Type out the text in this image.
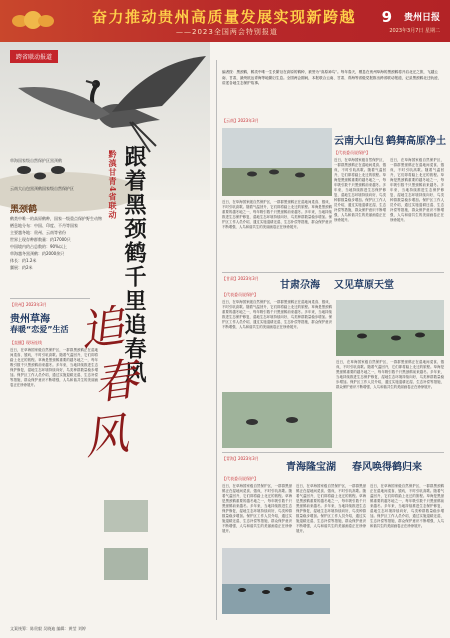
奋力推动贵州高质量发展实现新跨越
——2023全国两会特别报道
9 贵州日报
2023年3月7日 星期二
跨省联动报道
草海国家级自然保护区黑颈鹤
云南大山包黑颈鹤国家级自然保护区
黑颈鹤
鹤类中唯一的高原鹤种，国家一级重点保护野生动物
栖息地分布：中国、印度、不丹等国家
主要越冬地：贵州、云南等省份
世界上现存种群数量：约17000只
中国境内约占总数的：90%以上
草海越冬黑颈鹤：约2000余只
体长：约1.2米
翼展：约2米
黔滇甘青4省联动 跟着黑颈鹤千里追春风
追
春
风
【贵州】2023年3月
贵州草海
春暖“恋爱”生活
【直播】现场连线
近日，在草海国家级自然保护区，一群群黑颈鹤正在湿地间觅食、嬉戏，不时引吭高歌。随着气温回升，它们即将踏上北迁的旅程。草海是黑颈鹤重要的越冬地之一，每年吸引数千只黑颈鹤前来越冬。多年来，当地持续推进生态保护修复，湿地生态环境持续向好，鸟类种群数量稳步增加。保护区工作人员介绍，通过实施退耕还湿、生态补偿等措施，群众保护意识不断增强，人鸟和谐共生的美丽画卷正在徐徐展开。
编者按：黑颈鹤，鹤类中唯一生长繁衍在高原的鹤种，被誉为“高原神鸟”。每年春天，栖息在贵州草海的黑颈鹤将开启北迁之旅，飞越云南、甘肃，最终抵达青海等地繁衍生息。全国两会期间，本报联合云南、甘肃、青海等省级党报推出跨省联动报道，记录黑颈鹤北迁轨迹，讲述各地生态保护故事。
【云南】2023年3月
云南大山包 鹤舞高原净土
【代表委员说保护】
近日，在草海国家级自然保护区，一群群黑颈鹤正在湿地间觅食、嬉戏，不时引吭高歌。随着气温回升，它们即将踏上北迁的旅程。草海是黑颈鹤重要的越冬地之一，每年吸引数千只黑颈鹤前来越冬。多年来，当地持续推进生态保护修复，湿地生态环境持续向好，鸟类种群数量稳步增加。保护区工作人员介绍，通过实施退耕还湿、生态补偿等措施，群众保护意识不断增强，人鸟和谐共生的美丽画卷正在徐徐展开。
近日，在草海国家级自然保护区，一群群黑颈鹤正在湿地间觅食、嬉戏，不时引吭高歌。随着气温回升，它们即将踏上北迁的旅程。草海是黑颈鹤重要的越冬地之一，每年吸引数千只黑颈鹤前来越冬。多年来，当地持续推进生态保护修复，湿地生态环境持续向好，鸟类种群数量稳步增加。保护区工作人员介绍，通过实施退耕还湿、生态补偿等措施，群众保护意识不断增强，人鸟和谐共生的美丽画卷正在徐徐展开。
近日，在草海国家级自然保护区，一群群黑颈鹤正在湿地间觅食、嬉戏，不时引吭高歌。随着气温回升，它们即将踏上北迁的旅程。草海是黑颈鹤重要的越冬地之一，每年吸引数千只黑颈鹤前来越冬。多年来，当地持续推进生态保护修复，湿地生态环境持续向好，鸟类种群数量稳步增加。保护区工作人员介绍，通过实施退耕还湿、生态补偿等措施，群众保护意识不断增强，人鸟和谐共生的美丽画卷正在徐徐展开。
【甘肃】2023年3月
甘肃尕海 又见草原天堂
【代表委员说保护】
近日，在草海国家级自然保护区，一群群黑颈鹤正在湿地间觅食、嬉戏，不时引吭高歌。随着气温回升，它们即将踏上北迁的旅程。草海是黑颈鹤重要的越冬地之一，每年吸引数千只黑颈鹤前来越冬。多年来，当地持续推进生态保护修复，湿地生态环境持续向好，鸟类种群数量稳步增加。保护区工作人员介绍，通过实施退耕还湿、生态补偿等措施，群众保护意识不断增强，人鸟和谐共生的美丽画卷正在徐徐展开。
近日，在草海国家级自然保护区，一群群黑颈鹤正在湿地间觅食、嬉戏，不时引吭高歌。随着气温回升，它们即将踏上北迁的旅程。草海是黑颈鹤重要的越冬地之一，每年吸引数千只黑颈鹤前来越冬。多年来，当地持续推进生态保护修复，湿地生态环境持续向好，鸟类种群数量稳步增加。保护区工作人员介绍，通过实施退耕还湿、生态补偿等措施，群众保护意识不断增强，人鸟和谐共生的美丽画卷正在徐徐展开。
【青海】2023年3月
青海隆宝湖 春风唤得鹤归来
【代表委员说保护】
近日，在草海国家级自然保护区，一群群黑颈鹤正在湿地间觅食、嬉戏，不时引吭高歌。随着气温回升，它们即将踏上北迁的旅程。草海是黑颈鹤重要的越冬地之一，每年吸引数千只黑颈鹤前来越冬。多年来，当地持续推进生态保护修复，湿地生态环境持续向好，鸟类种群数量稳步增加。保护区工作人员介绍，通过实施退耕还湿、生态补偿等措施，群众保护意识不断增强，人鸟和谐共生的美丽画卷正在徐徐展开。
近日，在草海国家级自然保护区，一群群黑颈鹤正在湿地间觅食、嬉戏，不时引吭高歌。随着气温回升，它们即将踏上北迁的旅程。草海是黑颈鹤重要的越冬地之一，每年吸引数千只黑颈鹤前来越冬。多年来，当地持续推进生态保护修复，湿地生态环境持续向好，鸟类种群数量稳步增加。保护区工作人员介绍，通过实施退耕还湿、生态补偿等措施，群众保护意识不断增强，人鸟和谐共生的美丽画卷正在徐徐展开。
近日，在草海国家级自然保护区，一群群黑颈鹤正在湿地间觅食、嬉戏，不时引吭高歌。随着气温回升，它们即将踏上北迁的旅程。草海是黑颈鹤重要的越冬地之一，每年吸引数千只黑颈鹤前来越冬。多年来，当地持续推进生态保护修复，湿地生态环境持续向好，鸟类种群数量稳步增加。保护区工作人员介绍，通过实施退耕还湿、生态补偿等措施，群众保护意识不断增强，人鸟和谐共生的美丽画卷正在徐徐展开。
文案统筹：陈贵毅 吴晓迪 编辑：黄莹 刘婷
